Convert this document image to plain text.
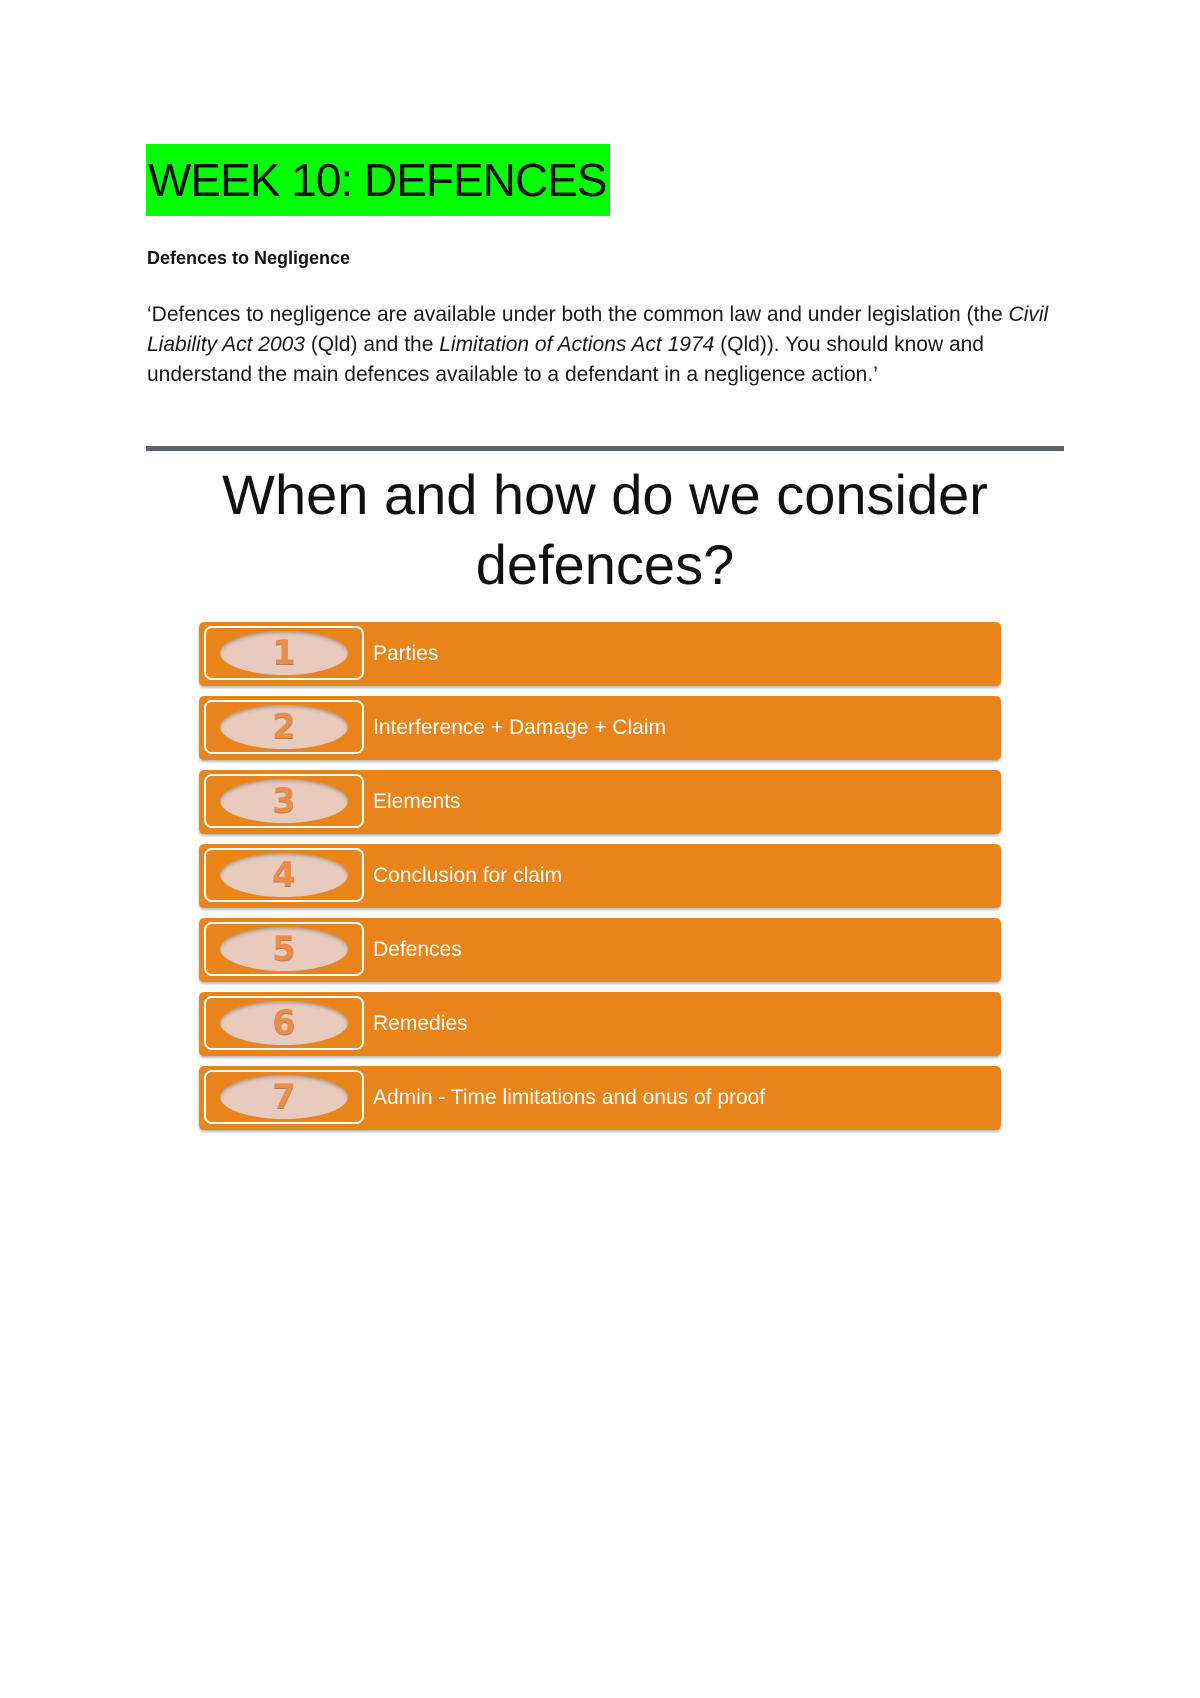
WEEK 10: DEFENCES
Defences to Negligence

‘Defences to negligence are available under both the common law and under legislation (the Civil Liability Act 2003 (Qld) and the Limitation of Actions Act 1974 (Qld)). You should know and understand the main defences available to a defendant in a negligence action.’

When and how do we consider defences?
1	Parties
2	Interference + Damage + Claim
3	Elements
4	Conclusion for claim
5	Defences
6	Remedies
7	Admin - Time limitations and onus of proof
